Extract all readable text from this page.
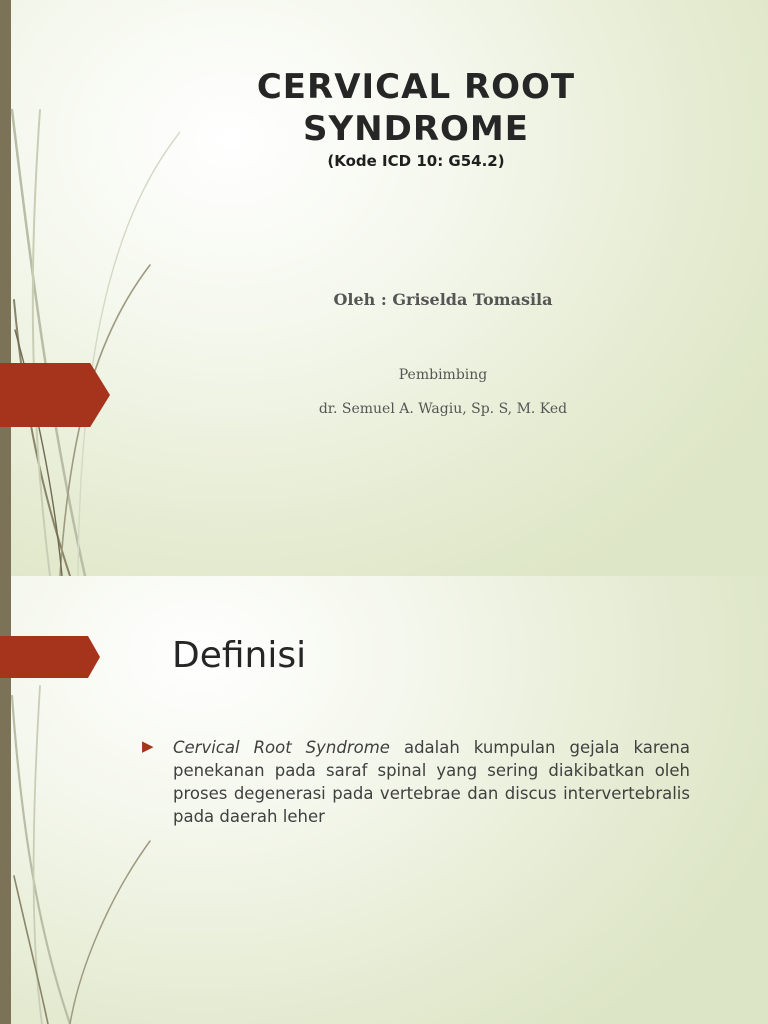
CERVICAL ROOT SYNDROME

(Kode ICD 10: G54.2)

Oleh : Griselda Tomasila

Pembimbing

dr. Semuel A. Wagiu, Sp. S, M. Ked

Definisi
▶ Cervical Root Syndrome adalah kumpulan gejala karena penekanan pada saraf spinal yang sering diakibatkan oleh proses degenerasi pada vertebrae dan discus intervertebralis pada daerah leher
